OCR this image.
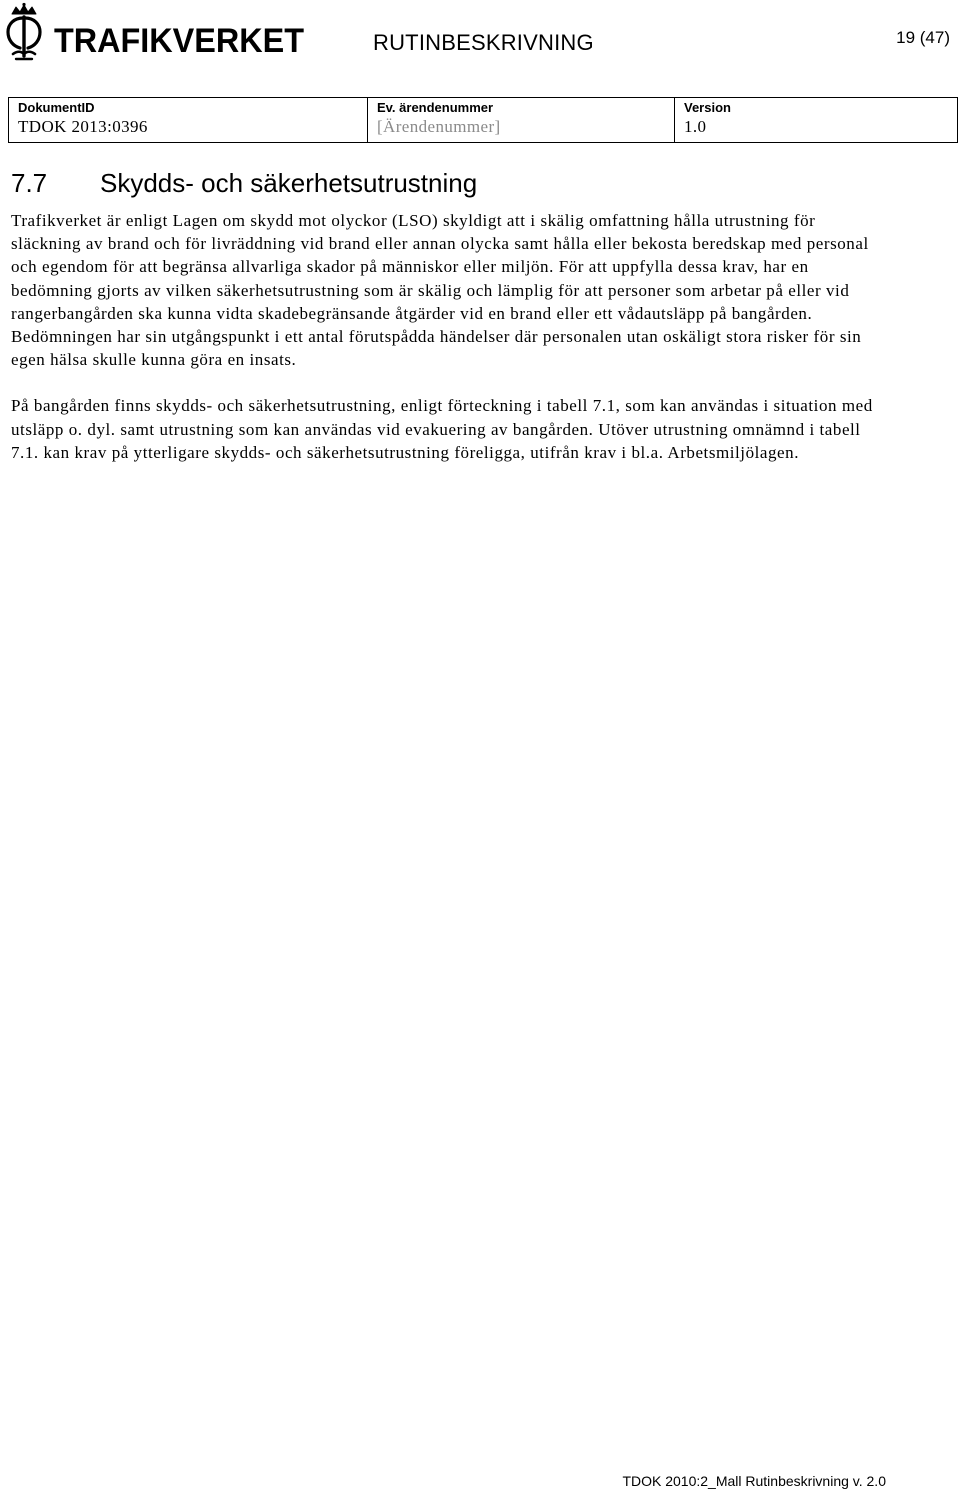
TRAFIKVERKET	RUTINBESKRIVNING	19 (47)
DokumentID
TDOK 2013:0396

Ev. ärendenummer
[Ärendenummer]

Version
1.0
7.7 Skydds- och säkerhetsutrustning

Trafikverket är enligt Lagen om skydd mot olyckor (LSO) skyldigt att i skälig omfattning hålla utrustning för släckning av brand och för livräddning vid brand eller annan olycka samt hålla eller bekosta beredskap med personal och egendom för att begränsa allvarliga skador på människor eller miljön. För att uppfylla dessa krav, har en bedömning gjorts av vilken säkerhetsutrustning som är skälig och lämplig för att personer som arbetar på eller vid rangerbangården ska kunna vidta skadebegränsande åtgärder vid en brand eller ett vådautsläpp på bangården. Bedömningen har sin utgångspunkt i ett antal förutspådda händelser där personalen utan oskäligt stora risker för sin egen hälsa skulle kunna göra en insats.

På bangården finns skydds- och säkerhetsutrustning, enligt förteckning i tabell 7.1, som kan användas i situation med utsläpp o. dyl. samt utrustning som kan användas vid evakuering av bangården. Utöver utrustning omnämnd i tabell 7.1. kan krav på ytterligare skydds- och säkerhetsutrustning föreligga, utifrån krav i bl.a. Arbetsmiljölagen.

TDOK 2010:2_Mall Rutinbeskrivning v. 2.0
